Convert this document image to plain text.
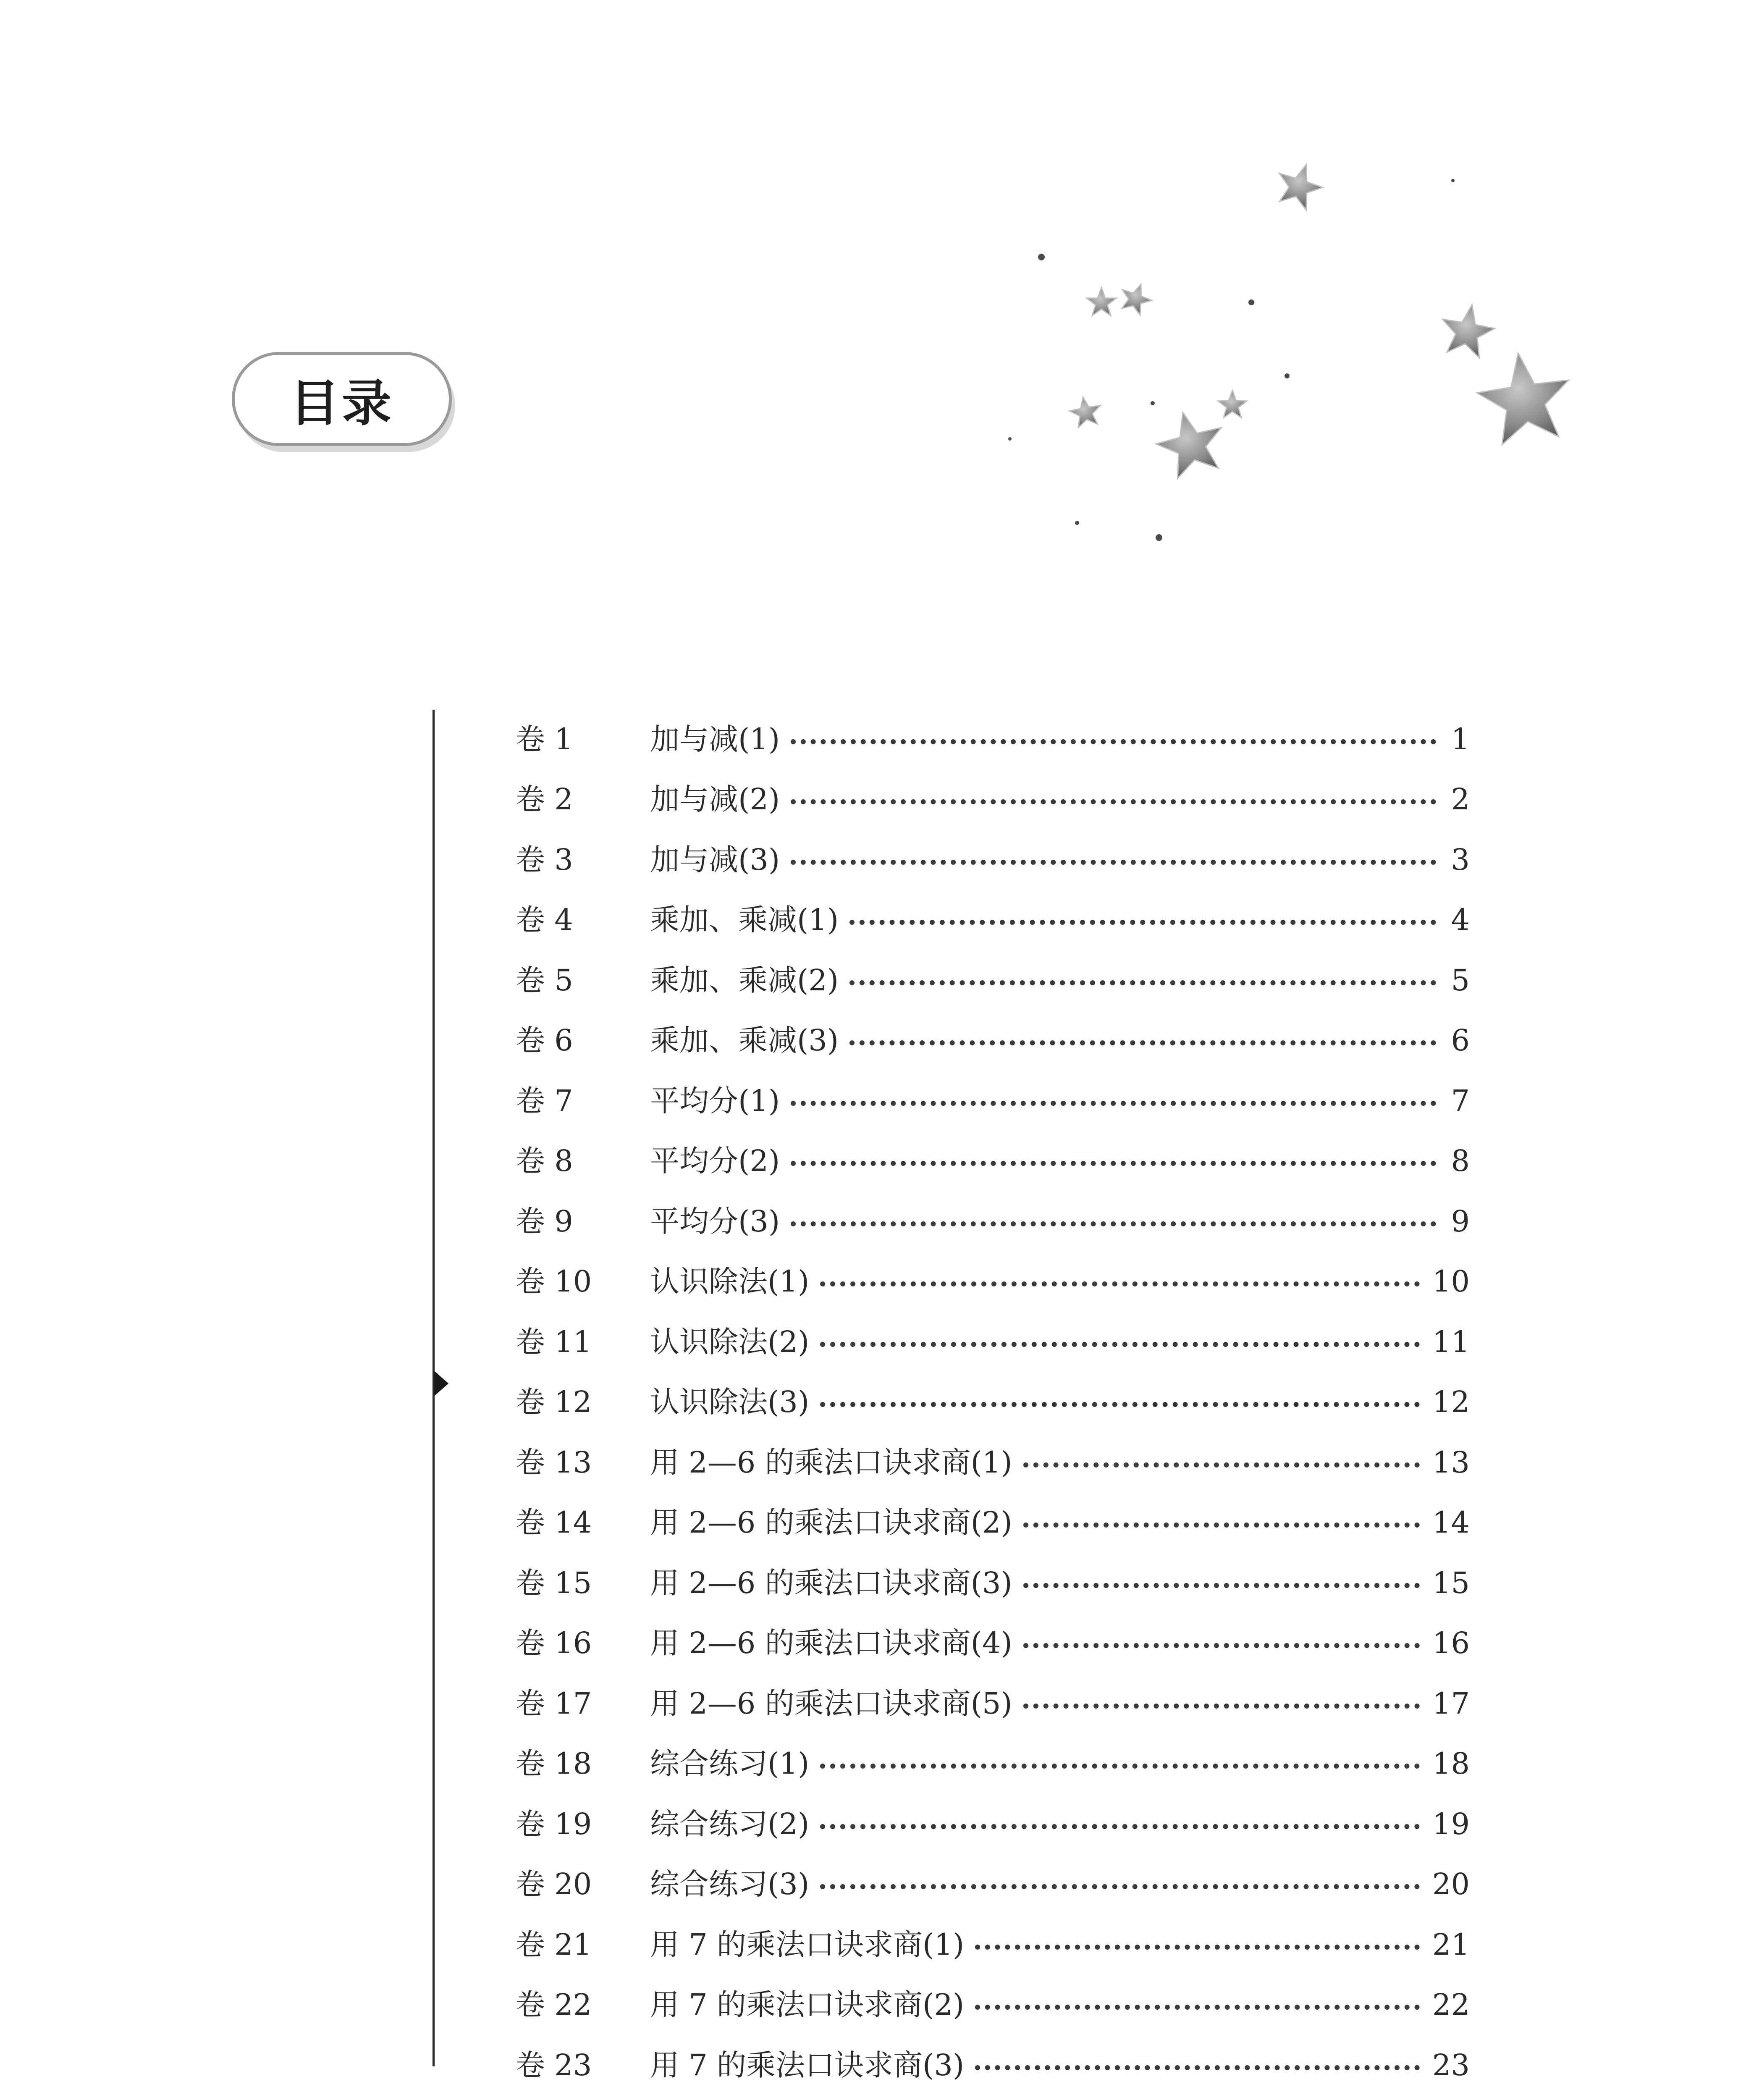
目录
卷 1	加与减(1)	1
卷 2	加与减(2)	2
卷 3	加与减(3)	3
卷 4	乘加、乘减(1)	4
卷 5	乘加、乘减(2)	5
卷 6	乘加、乘减(3)	6
卷 7	平均分(1)	7
卷 8	平均分(2)	8
卷 9	平均分(3)	9
卷 10	认识除法(1)	10
卷 11	认识除法(2)	11
卷 12	认识除法(3)	12
卷 13	用 2—6 的乘法口诀求商(1)	13
卷 14	用 2—6 的乘法口诀求商(2)	14
卷 15	用 2—6 的乘法口诀求商(3)	15
卷 16	用 2—6 的乘法口诀求商(4)	16
卷 17	用 2—6 的乘法口诀求商(5)	17
卷 18	综合练习(1)	18
卷 19	综合练习(2)	19
卷 20	综合练习(3)	20
卷 21	用 7 的乘法口诀求商(1)	21
卷 22	用 7 的乘法口诀求商(2)	22
卷 23	用 7 的乘法口诀求商(3)	23
